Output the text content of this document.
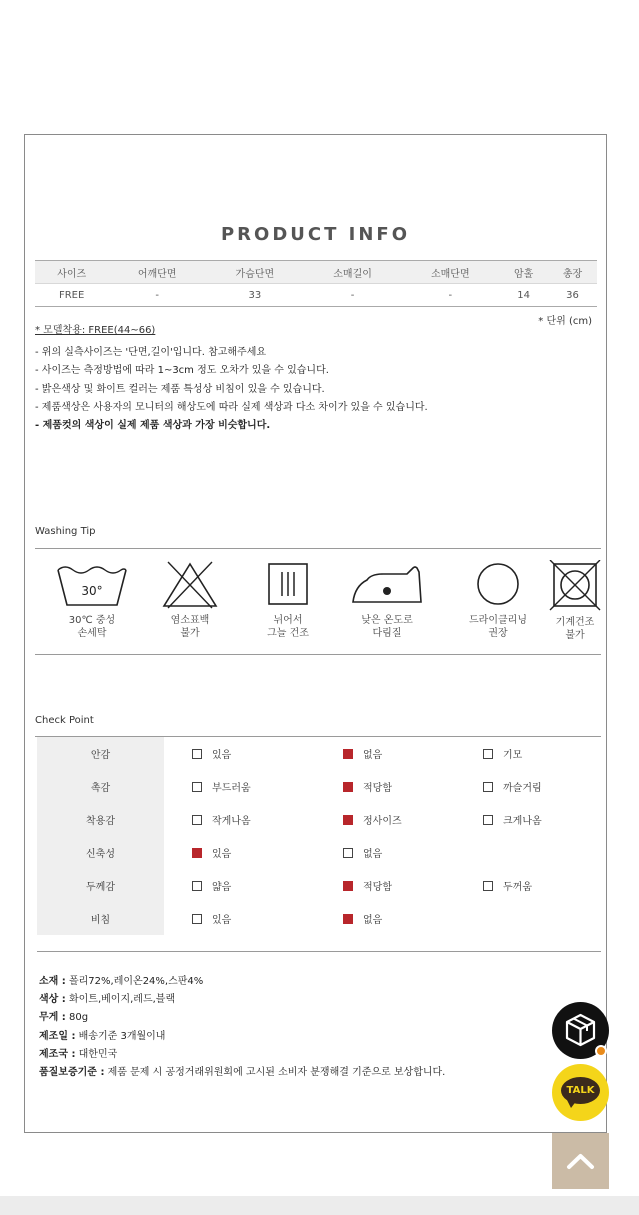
PRODUCT INFO
사이즈	어깨단면	가슴단면	소매길이	소매단면	암홀	총장
FREE	-	33	-	-	14	36
* 단위 (cm)
* 모델착용: FREE(44~66)
- 위의 실측사이즈는 '단면,길이'입니다. 참고해주세요
- 사이즈는 측정방법에 따라 1~3cm 정도 오차가 있을 수 있습니다.
- 밝은색상 및 화이트 컬러는 제품 특성상 비침이 있을 수 있습니다.
- 제품색상은 사용자의 모니터의 해상도에 따라 실제 색상과 다소 차이가 있을 수 있습니다.
- 제품컷의 색상이 실제 제품 색상과 가장 비슷합니다.
Washing Tip
30°
30℃ 중성
손세탁
염소표백
불가
뉘어서
그늘 건조
낮은 온도로
다림질
드라이클리닝
권장
기계건조
불가
Check Point
안감	있음	없음	기모
촉감	부드러움	적당함	까슬거림
착용감	작게나옴	정사이즈	크게나옴
신축성	있음	없음	
두께감	얇음	적당함	두꺼움
비침	있음	없음	
소재 : 폴리72%,레이온24%,스판4%
색상 : 화이트,베이지,레드,블랙
무게 : 80g
제조일 : 배송기준 3개월이내
제조국 : 대한민국
품질보증기준 : 제품 문제 시 공정거래위원회에 고시된 소비자 분쟁해결 기준으로 보상합니다.
TALK
